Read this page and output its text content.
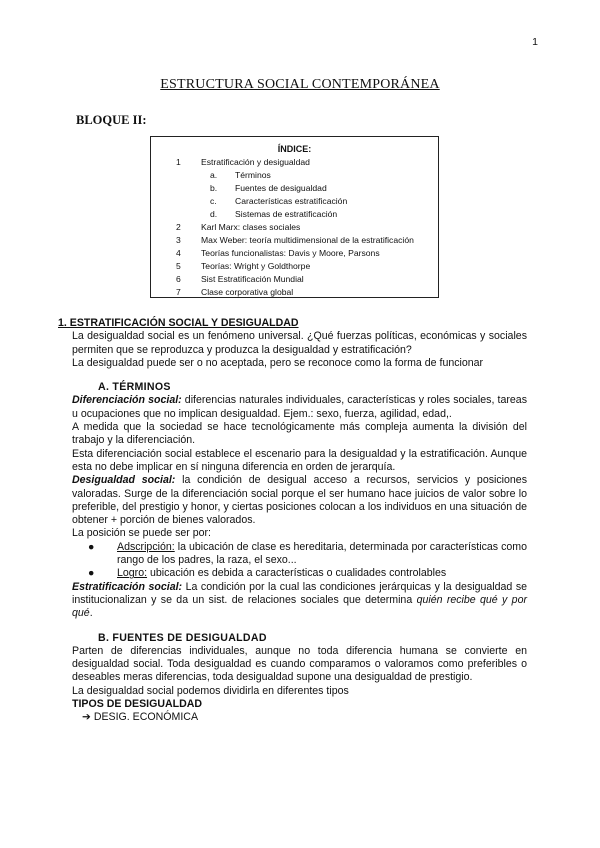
1
ESTRUCTURA SOCIAL CONTEMPORÁNEA
BLOQUE II:
ÍNDICE:
1 Estratificación y desigualdad
a. Términos
b. Fuentes de desigualdad
c. Características estratificación
d. Sistemas de estratificación
2 Karl Marx: clases sociales
3 Max Weber: teoría multidimensional de la estratificación
4 Teorías funcionalistas: Davis y Moore, Parsons
5 Teorías: Wright y Goldthorpe
6 Sist Estratificación Mundial
7 Clase corporativa global

1. ESTRATIFICACIÓN SOCIAL Y DESIGUALDAD

La desigualdad social es un fenómeno universal. ¿Qué fuerzas políticas, económicas y sociales permiten que se reproduzca y produzca la desigualdad y estratificación?

La desigualdad puede ser o no aceptada, pero se reconoce como la forma de funcionar

A. TÉRMINOS

Diferenciación social: diferencias naturales individuales, características y roles sociales, tareas u ocupaciones que no implican desigualdad. Ejem.: sexo, fuerza, agilidad, edad,.

A medida que la sociedad se hace tecnológicamente más compleja aumenta la división del trabajo y la diferenciación.

Esta diferenciación social establece el escenario para la desigualdad y la estratificación. Aunque esta no debe implicar en sí ninguna diferencia en orden de jerarquía.

Desigualdad social: la condición de desigual acceso a recursos, servicios y posiciones valoradas. Surge de la diferenciación social porque el ser humano hace juicios de valor sobre lo preferible, del prestigio y honor, y ciertas posiciones colocan a los individuos en una situación de obtener + porción de bienes valorados.

La posición se puede ser por:

● Adscripción: la ubicación de clase es hereditaria, determinada por características como rango de los padres, la raza, el sexo...

● Logro: ubicación es debida a características o cualidades controlables

Estratificación social: La condición por la cual las condiciones jerárquicas y la desigualdad se institucionalizan y se da un sist. de relaciones sociales que determina quién recibe qué y por qué.

B. FUENTES DE DESIGUALDAD

Parten de diferencias individuales, aunque no toda diferencia humana se convierte en desigualdad social. Toda desigualdad es cuando comparamos o valoramos como preferibles o deseables meras diferencias, toda desigualdad supone una desigualdad de prestigio.

La desigualdad social podemos dividirla en diferentes tipos

TIPOS DE DESIGUALDAD

➔ DESIG. ECONÓMICA
